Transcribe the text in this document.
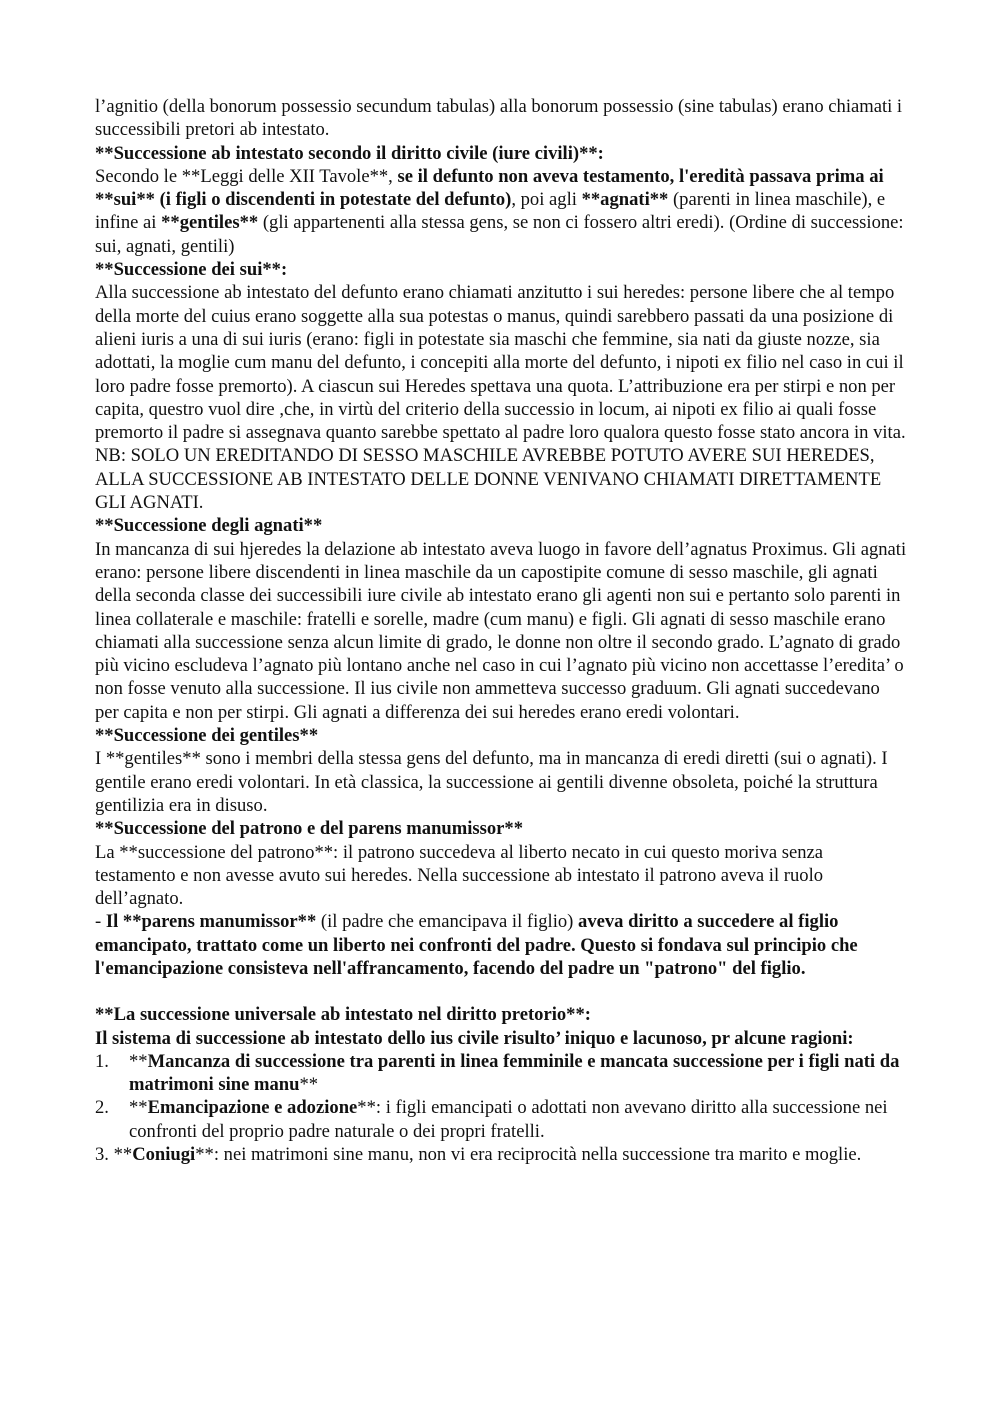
l’agnitio (della bonorum possessio secundum tabulas) alla bonorum possessio (sine tabulas) erano chiamati i successibili pretori ab intestato.

**Successione ab intestato secondo il diritto civile (iure civili)**:

Secondo le **Leggi delle XII Tavole**, se il defunto non aveva testamento, l'eredità passava prima ai **sui** (i figli o discendenti in potestate del defunto), poi agli **agnati** (parenti in linea maschile), e infine ai **gentiles** (gli appartenenti alla stessa gens, se non ci fossero altri eredi). (Ordine di successione: sui, agnati, gentili)

**Successione dei sui**:

Alla successione ab intestato del defunto erano chiamati anzitutto i sui heredes: persone libere che al tempo della morte del cuius erano soggette alla sua potestas o manus, quindi sarebbero passati da una posizione di alieni iuris a una di sui iuris (erano: figli in potestate sia maschi che femmine, sia nati da giuste nozze, sia adottati, la moglie cum manu del defunto, i concepiti alla morte del defunto, i nipoti ex filio nel caso in cui il loro padre fosse premorto). A ciascun sui Heredes spettava una quota. L’attribuzione era per stirpi e non per capita, questro vuol dire ,che, in virtù del criterio della successio in locum, ai nipoti ex filio ai quali fosse premorto il padre si assegnava quanto sarebbe spettato al padre loro qualora questo fosse stato ancora in vita. NB: SOLO UN EREDITANDO DI SESSO MASCHILE AVREBBE POTUTO AVERE SUI HEREDES, ALLA SUCCESSIONE AB INTESTATO DELLE DONNE VENIVANO CHIAMATI DIRETTAMENTE GLI AGNATI.

**Successione degli agnati**

In mancanza di sui hjeredes la delazione ab intestato aveva luogo in favore dell’agnatus Proximus. Gli agnati erano: persone libere discendenti in linea maschile da un capostipite comune di sesso maschile, gli agnati della seconda classe dei successibili iure civile ab intestato erano gli agenti non sui e pertanto solo parenti in linea collaterale e maschile: fratelli e sorelle, madre (cum manu) e figli. Gli agnati di sesso maschile erano chiamati alla successione senza alcun limite di grado, le donne non oltre il secondo grado. L’agnato di grado più vicino escludeva l’agnato più lontano anche nel caso in cui l’agnato più vicino non accettasse l’eredita’ o non fosse venuto alla successione. Il ius civile non ammetteva successo graduum. Gli agnati succedevano per capita e non per stirpi. Gli agnati a differenza dei sui heredes erano eredi volontari.

**Successione dei gentiles**

I **gentiles** sono i membri della stessa gens del defunto, ma in mancanza di eredi diretti (sui o agnati). I gentile erano eredi volontari. In età classica, la successione ai gentili divenne obsoleta, poiché la struttura gentilizia era in disuso.

**Successione del patrono e del parens manumissor**

La **successione del patrono**: il patrono succedeva al liberto necato in cui questo moriva senza testamento e non avesse avuto sui heredes. Nella successione ab intestato il patrono aveva il ruolo dell’agnato.

- Il **parens manumissor** (il padre che emancipava il figlio) aveva diritto a succedere al figlio emancipato, trattato come un liberto nei confronti del padre. Questo si fondava sul principio che l'emancipazione consisteva nell'affrancamento, facendo del padre un "patrono" del figlio.

**La successione universale ab intestato nel diritto pretorio**:

Il sistema di successione ab intestato dello ius civile risulto’ iniquo e lacunoso, pr alcune ragioni:

1.	**Mancanza di successione tra parenti in linea femminile e mancata successione per i figli nati da matrimoni sine manu**
2.	**Emancipazione e adozione**: i figli emancipati o adottati non avevano diritto alla successione nei confronti del proprio padre naturale o dei propri fratelli.

3. **Coniugi**: nei matrimoni sine manu, non vi era reciprocità nella successione tra marito e moglie.
